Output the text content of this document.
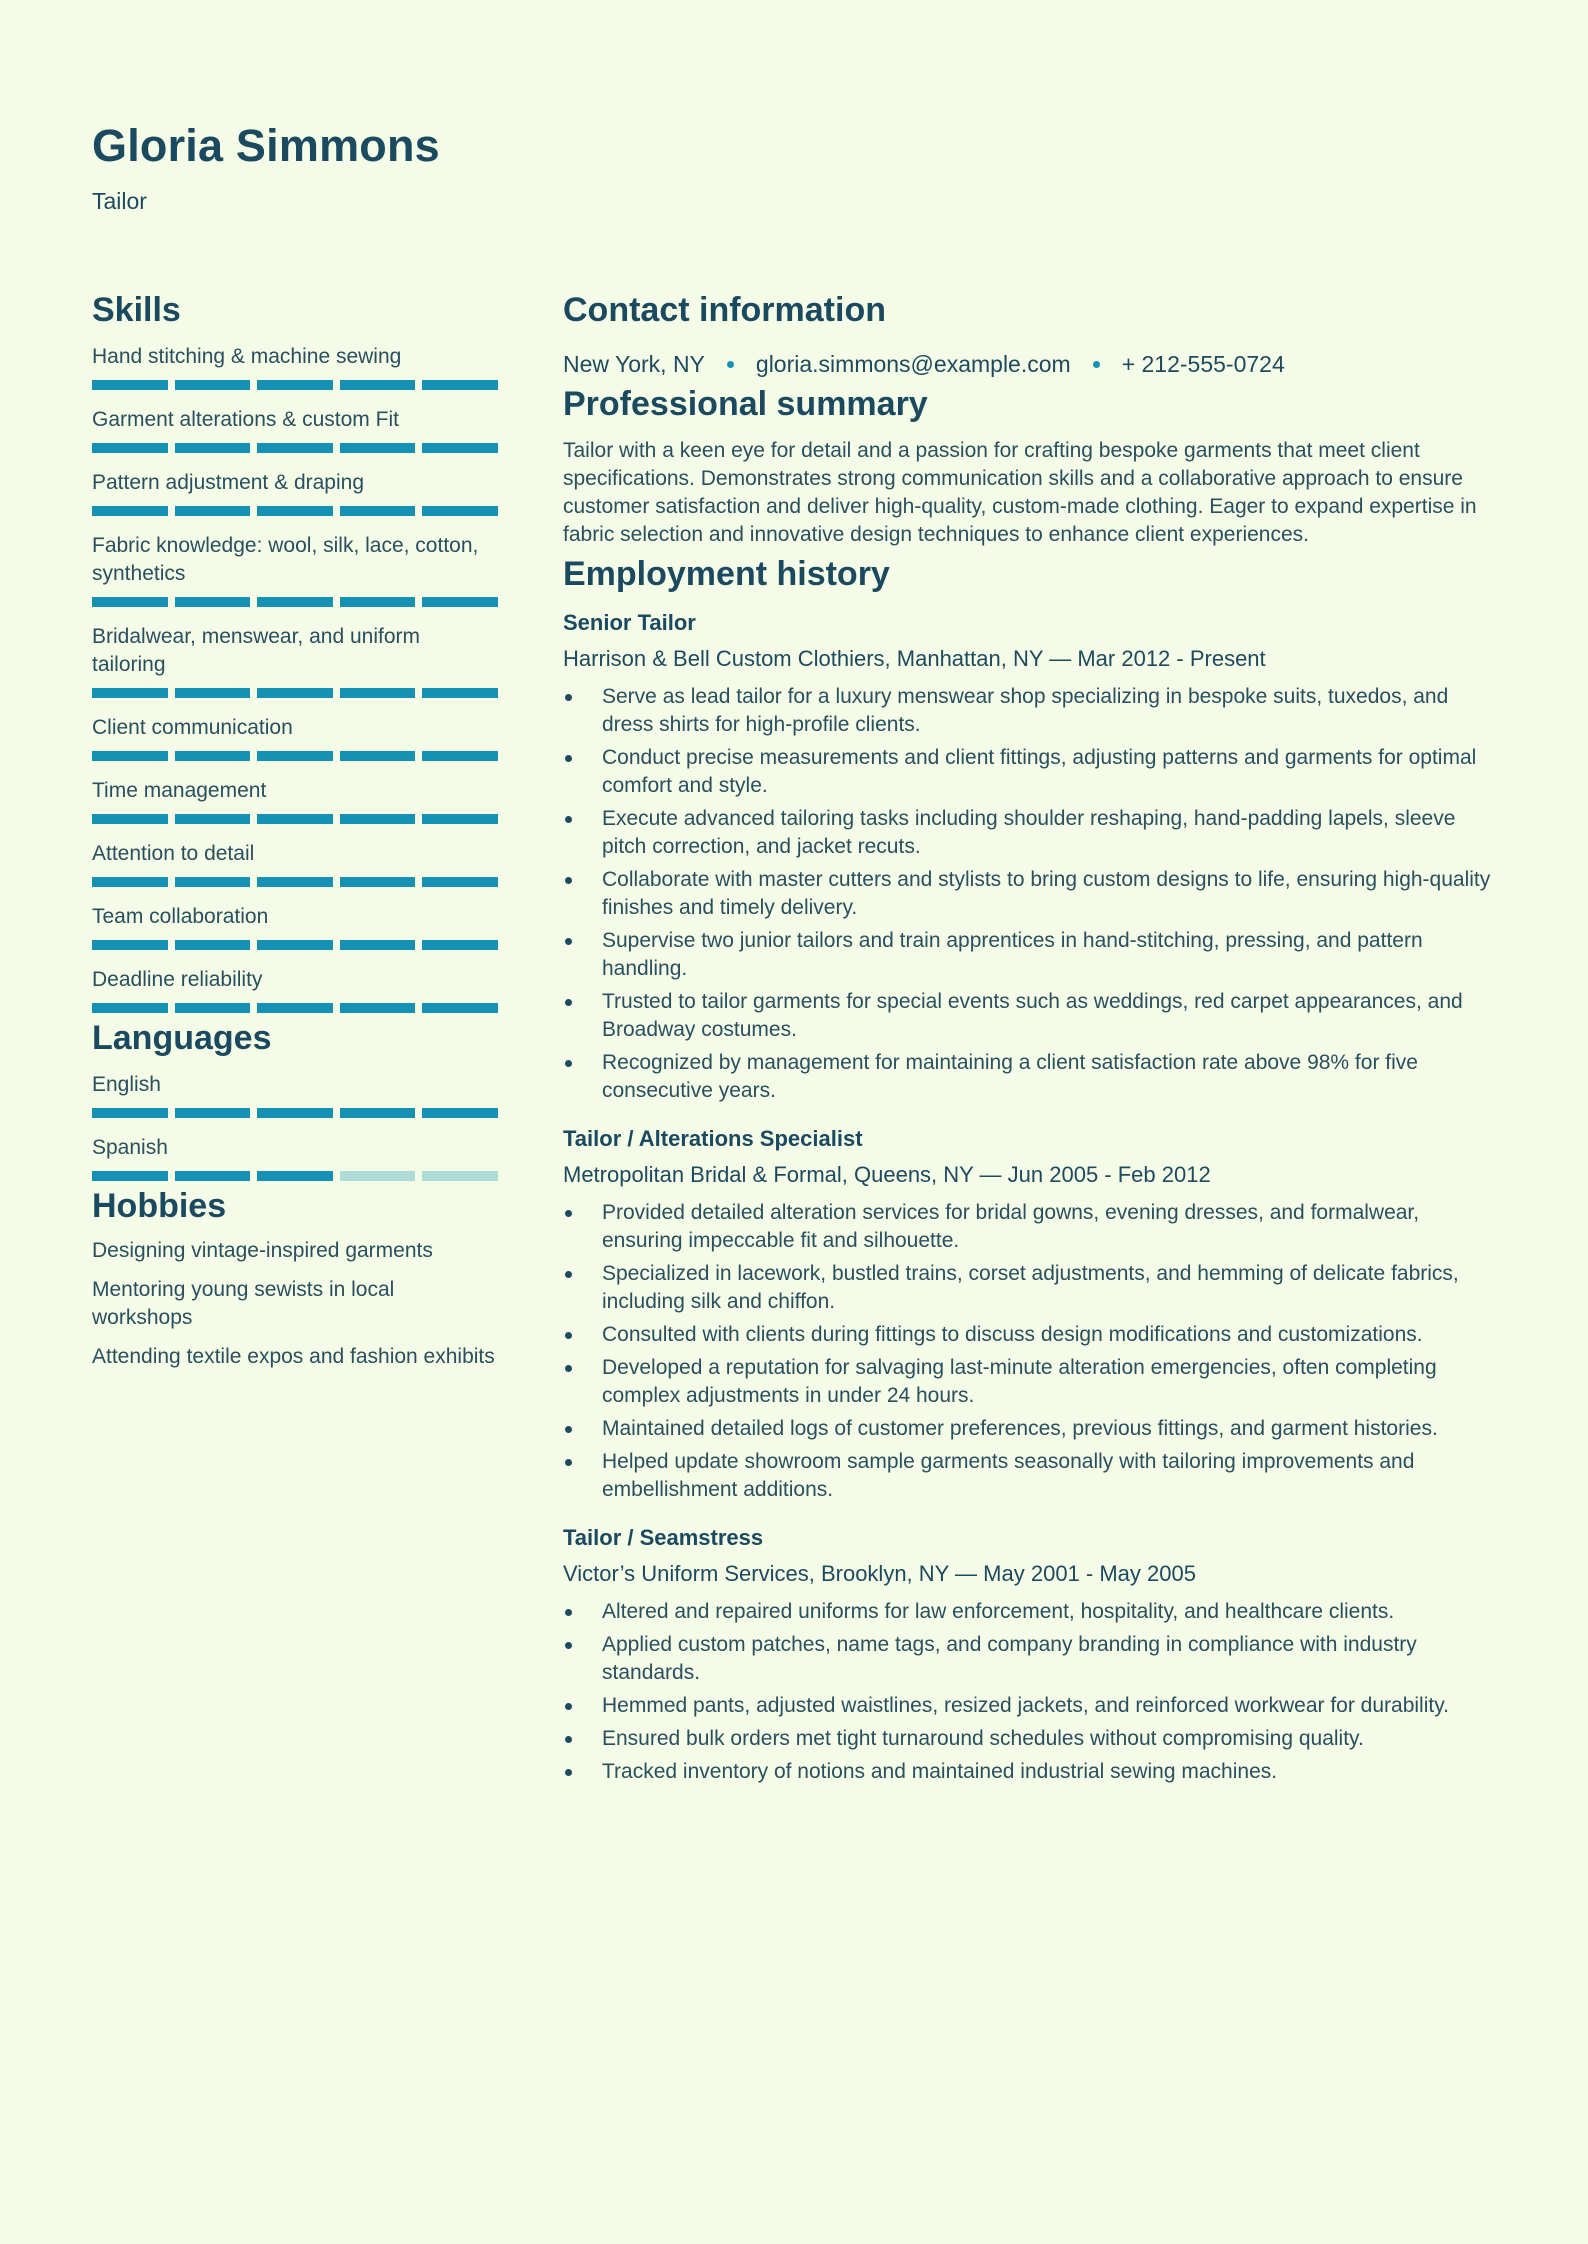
Gloria Simmons
Tailor
Skills
Hand stitching & machine sewing
Garment alterations & custom Fit
Pattern adjustment & draping
Fabric knowledge: wool, silk, lace, cotton, synthetics
Bridalwear, menswear, and uniform tailoring
Client communication
Time management
Attention to detail
Team collaboration
Deadline reliability
Languages
English
Spanish
Hobbies
Designing vintage-inspired garments
Mentoring young sewists in local workshops
Attending textile expos and fashion exhibits
Contact information
New York, NY gloria.simmons@example.com + 212-555-0724
Professional summary
Tailor with a keen eye for detail and a passion for crafting bespoke garments that meet client specifications. Demonstrates strong communication skills and a collaborative approach to ensure customer satisfaction and deliver high-quality, custom-made clothing. Eager to expand expertise in fabric selection and innovative design techniques to enhance client experiences.
Employment history
Senior Tailor
Harrison & Bell Custom Clothiers, Manhattan, NY — Mar 2012 - Present
Serve as lead tailor for a luxury menswear shop specializing in bespoke suits, tuxedos, and dress shirts for high-profile clients.
Conduct precise measurements and client fittings, adjusting patterns and garments for optimal comfort and style.
Execute advanced tailoring tasks including shoulder reshaping, hand-padding lapels, sleeve pitch correction, and jacket recuts.
Collaborate with master cutters and stylists to bring custom designs to life, ensuring high-quality finishes and timely delivery.
Supervise two junior tailors and train apprentices in hand-stitching, pressing, and pattern handling.
Trusted to tailor garments for special events such as weddings, red carpet appearances, and Broadway costumes.
Recognized by management for maintaining a client satisfaction rate above 98% for five consecutive years.
Tailor / Alterations Specialist
Metropolitan Bridal & Formal, Queens, NY — Jun 2005 - Feb 2012
Provided detailed alteration services for bridal gowns, evening dresses, and formalwear, ensuring impeccable fit and silhouette.
Specialized in lacework, bustled trains, corset adjustments, and hemming of delicate fabrics, including silk and chiffon.
Consulted with clients during fittings to discuss design modifications and customizations.
Developed a reputation for salvaging last-minute alteration emergencies, often completing complex adjustments in under 24 hours.
Maintained detailed logs of customer preferences, previous fittings, and garment histories.
Helped update showroom sample garments seasonally with tailoring improvements and embellishment additions.
Tailor / Seamstress
Victor’s Uniform Services, Brooklyn, NY — May 2001 - May 2005
Altered and repaired uniforms for law enforcement, hospitality, and healthcare clients.
Applied custom patches, name tags, and company branding in compliance with industry standards.
Hemmed pants, adjusted waistlines, resized jackets, and reinforced workwear for durability.
Ensured bulk orders met tight turnaround schedules without compromising quality.
Tracked inventory of notions and maintained industrial sewing machines.
